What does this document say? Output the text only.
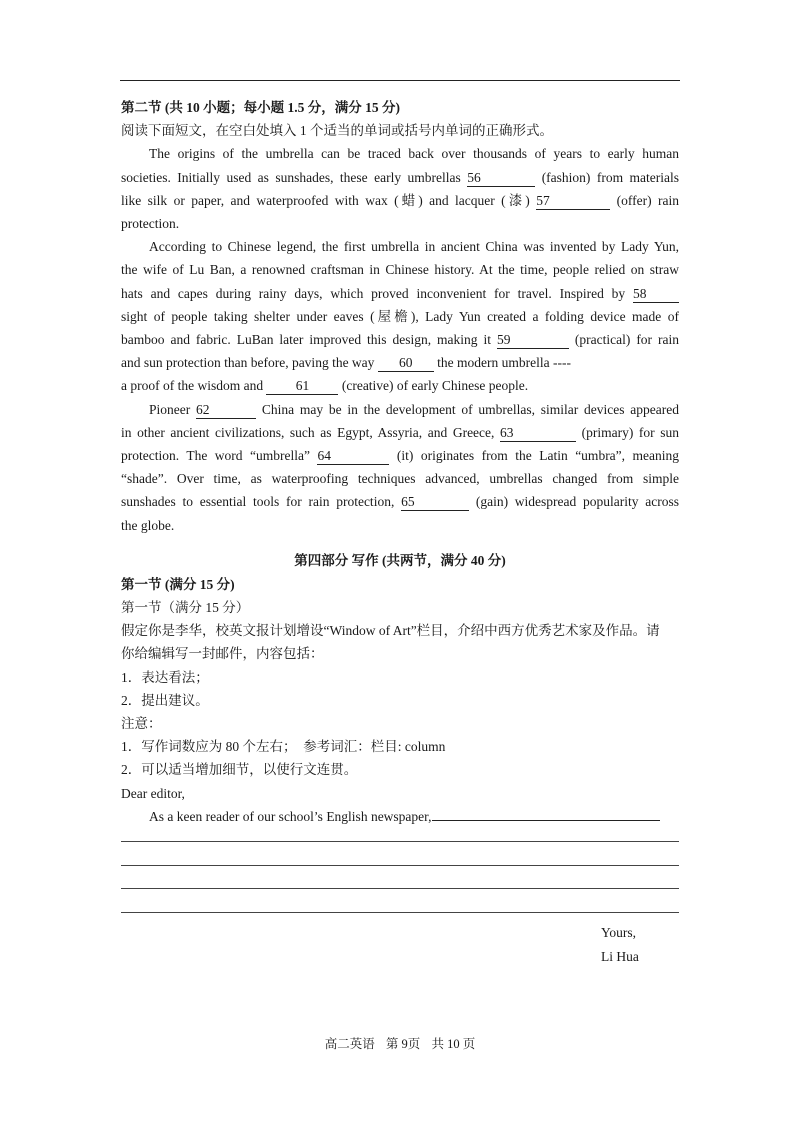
第二节 (共 10 小题；每小题 1.5 分，满分 15 分)
阅读下面短文，在空白处填入 1 个适当的单词或括号内单词的正确形式。
The origins of the umbrella can be traced back over thousands of years to early human
societies. Initially used as sunshades, these early umbrellas 56	(fashion) from materials
like silk or paper, and waterproofed with wax (蜡) and lacquer (漆) 57	(offer) rain
protection.
According to Chinese legend, the first umbrella in ancient China was invented by Lady Yun,
the wife of Lu Ban, a renowned craftsman in Chinese history. At the time, people relied on straw
hats and capes during rainy days, which proved inconvenient for travel. Inspired by 58
sight of people taking shelter under eaves (屋檐), Lady Yun created a folding device made of
bamboo and fabric. LuBan later improved this design, making it 59	(practical) for rain
and sun protection than before, paving the way 60 the modern umbrella ----
a proof of the wisdom and 61 (creative) of early Chinese people.
Pioneer 62	China may be in the development of umbrellas, similar devices appeared
in other ancient civilizations, such as Egypt, Assyria, and Greece, 63	(primary) for sun
protection. The word “umbrella” 64	(it) originates from the Latin “umbra”, meaning
“shade”. Over time, as waterproofing techniques advanced, umbrellas changed from simple
sunshades to essential tools for rain protection, 65	(gain) widespread popularity across
the globe.
第四部分 写作 (共两节，满分 40 分)
第一节 (满分 15 分)
第一节（满分 15 分）
假定你是李华，校英文报计划增设“Window of Art”栏目，介绍中西方优秀艺术家及作品。请
你给编辑写一封邮件，内容包括：
1．表达看法；
2．提出建议。
注意：
1．写作词数应为 80 个左右；　参考词汇：栏目: column
2．可以适当增加细节，以使行文连贯。
Dear editor,
As a keen reader of our school’s English newspaper,
Yours,
Li Hua
高二英语 第 9页 共 10 页
